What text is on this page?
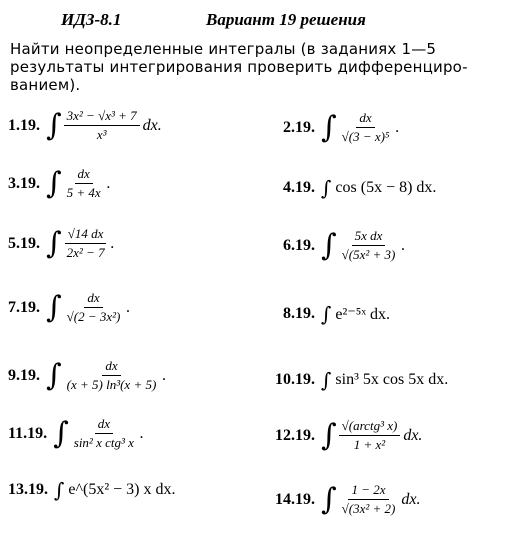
ИДЗ-8.1	Вариант 19 решения
Найти неопределенные интегралы (в заданиях 1—5
результаты интегрирования проверить дифференциро-
ванием).
1.19. ∫ $\frac{\text{3x² − √x³ + 7}}{\text{x³}}$ dx.
3.19. ∫ $\frac{dx}{5 + 4x}$ .
5.19. ∫ $\frac{√14 dx}{\text{2x² − 7}}$ .
7.19. ∫ $\frac{dx}{\text{√(2 − 3x²)}}$ .
9.19. ∫ $\frac{dx}{\text{(x + 5) ln³(x + 5)}}$ .
11.19. ∫ $\frac{dx}{\text{sin² x ctg³ x}}$ .
13.19. ∫ e^(5x² − 3) x dx.
2.19. ∫ $\frac{dx}{\text{√(3 − x)⁵}}$ .
4.19. ∫ cos (5x − 8) dx.
6.19. ∫ $\frac{\text{5x dx}}{\text{√(5x² + 3)}}$ .
8.19. ∫ e²⁻⁵ˣ dx.
10.19. ∫ sin³ 5x cos 5x dx.
12.19. ∫ $\frac{\text{√(arctg³ x)}}{\text{1 + x²}}$ dx.
14.19. ∫ $\frac{1 - 2x}{\text{√(3x² + 2)}}$ dx.
